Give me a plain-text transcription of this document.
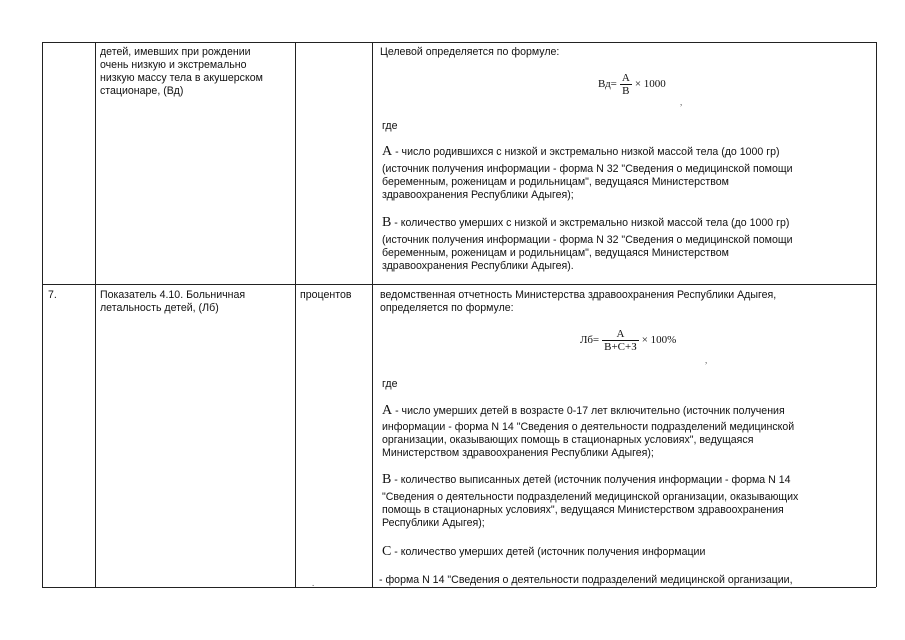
детей, имевших при рождении
очень низкую и экстремально
низкую массу тела в акушерском
стационаре, (Вд)
Целевой определяется по формуле:
$Вд= \frac{А}{В} \times 1000$
,
где
А - число родившихся с низкой и экстремально низкой массой тела (до 1000 гр)
(источник получения информации - форма N 32 "Сведения о медицинской помощи
беременным, роженицам и родильницам", ведущаяся Министерством
здравоохранения Республики Адыгея);
В - количество умерших с низкой и экстремально низкой массой тела (до 1000 гр)
(источник получения информации - форма N 32 "Сведения о медицинской помощи
беременным, роженицам и родильницам", ведущаяся Министерством
здравоохранения Республики Адыгея).
7.	Показатель 4.10. Больничная
летальность детей, (Лб)
процентов	ведомственная отчетность Министерства здравоохранения Республики Адыгея,
определяется по формуле:
$Лб= \frac{А}{В+С+З} \times 100\%$
,
где
А - число умерших детей в возрасте 0-17 лет включительно (источник получения
информации - форма N 14 "Сведения о деятельности подразделений медицинской
организации, оказывающих помощь в стационарных условиях", ведущаяся
Министерством здравоохранения Республики Адыгея);
В - количество выписанных детей (источник получения информации - форма N 14
"Сведения о деятельности подразделений медицинской организации, оказывающих
помощь в стационарных условиях", ведущаяся Министерством здравоохранения
Республики Адыгея);
С - количество умерших детей (источник получения информации
- форма N 14 "Сведения о деятельности подразделений медицинской организации,
.
